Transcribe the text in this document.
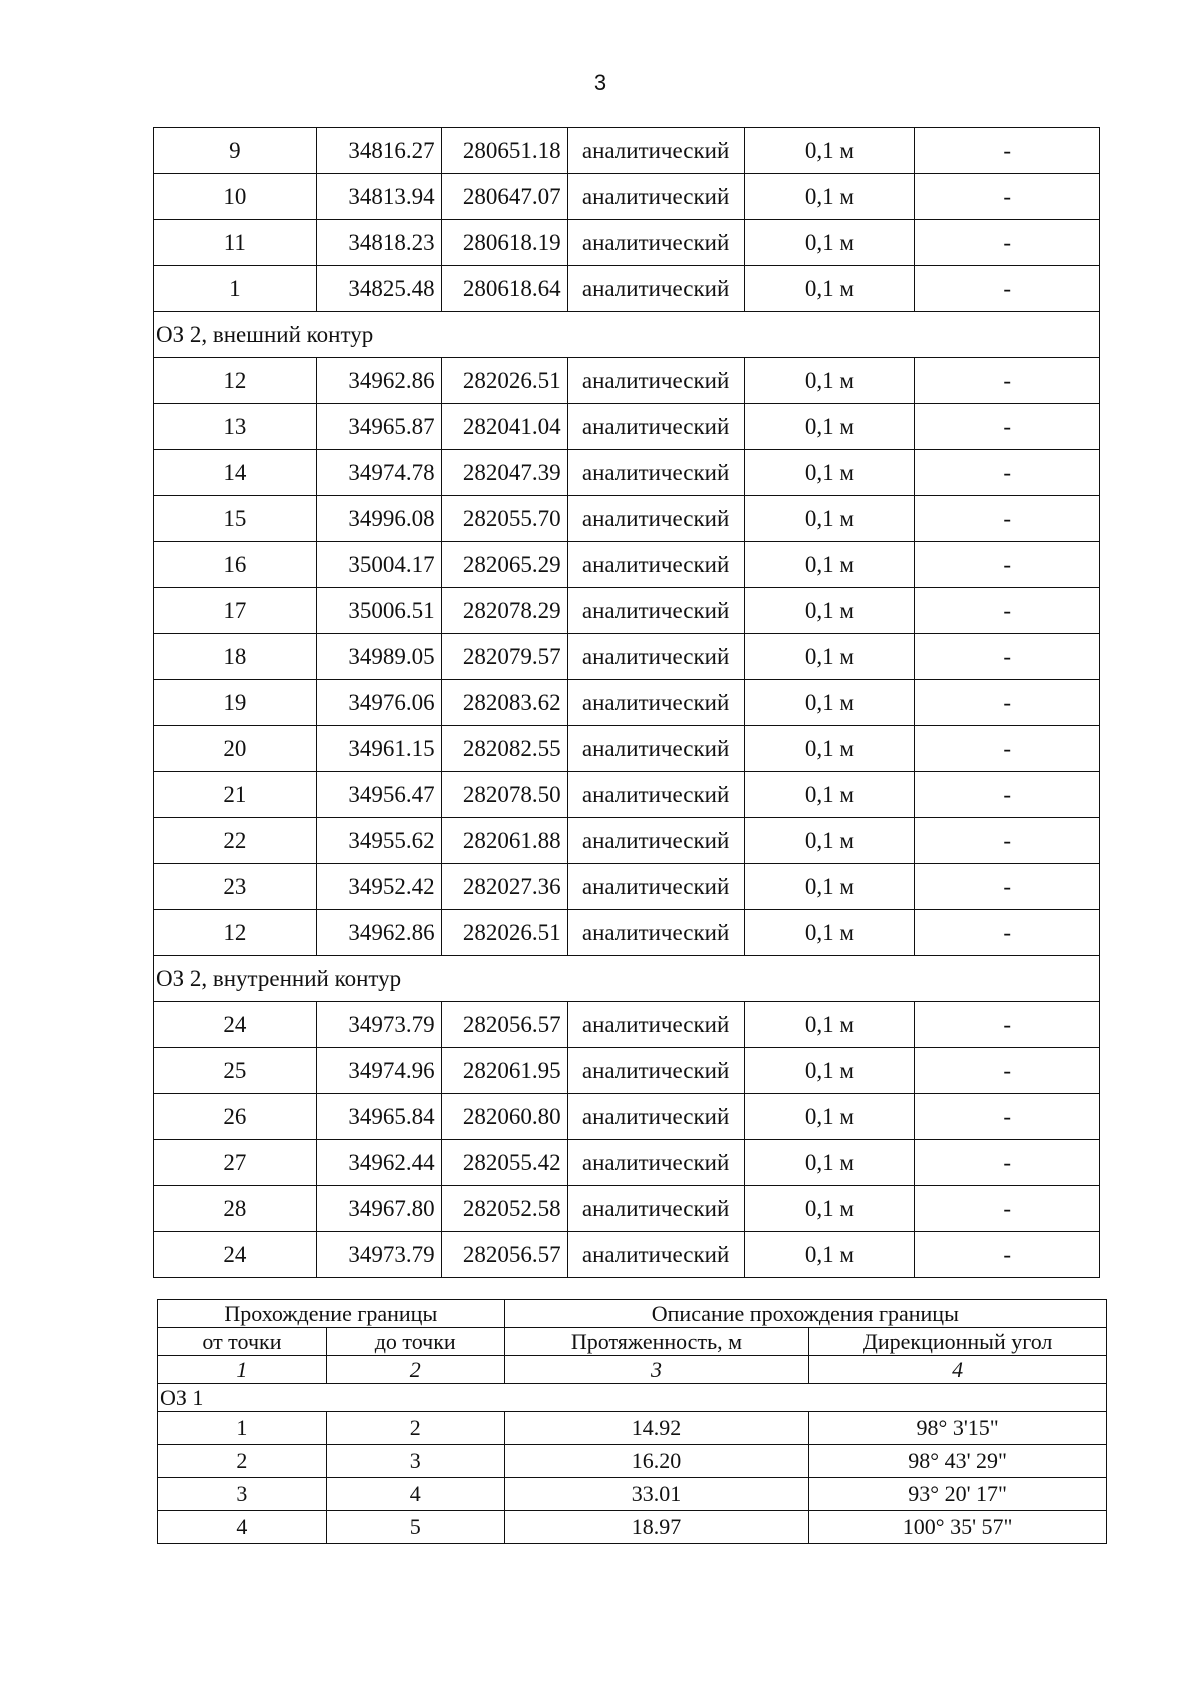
3
9	34816.27	280651.18	аналитический	0,1 м	-
10	34813.94	280647.07	аналитический	0,1 м	-
11	34818.23	280618.19	аналитический	0,1 м	-
1	34825.48	280618.64	аналитический	0,1 м	-
ОЗ 2, внешний контур					
12	34962.86	282026.51	аналитический	0,1 м	-
13	34965.87	282041.04	аналитический	0,1 м	-
14	34974.78	282047.39	аналитический	0,1 м	-
15	34996.08	282055.70	аналитический	0,1 м	-
16	35004.17	282065.29	аналитический	0,1 м	-
17	35006.51	282078.29	аналитический	0,1 м	-
18	34989.05	282079.57	аналитический	0,1 м	-
19	34976.06	282083.62	аналитический	0,1 м	-
20	34961.15	282082.55	аналитический	0,1 м	-
21	34956.47	282078.50	аналитический	0,1 м	-
22	34955.62	282061.88	аналитический	0,1 м	-
23	34952.42	282027.36	аналитический	0,1 м	-
12	34962.86	282026.51	аналитический	0,1 м	-
ОЗ 2, внутренний контур					
24	34973.79	282056.57	аналитический	0,1 м	-
25	34974.96	282061.95	аналитический	0,1 м	-
26	34965.84	282060.80	аналитический	0,1 м	-
27	34962.44	282055.42	аналитический	0,1 м	-
28	34967.80	282052.58	аналитический	0,1 м	-
24	34973.79	282056.57	аналитический	0,1 м	-
Прохождение границы		Описание прохождения границы	
от точки	до точки	Протяженность, м	Дирекционный угол
1	2	3	4
ОЗ 1			
1	2	14.92	98° 3'15"
2	3	16.20	98° 43' 29"
3	4	33.01	93° 20' 17"
4	5	18.97	100° 35' 57"
